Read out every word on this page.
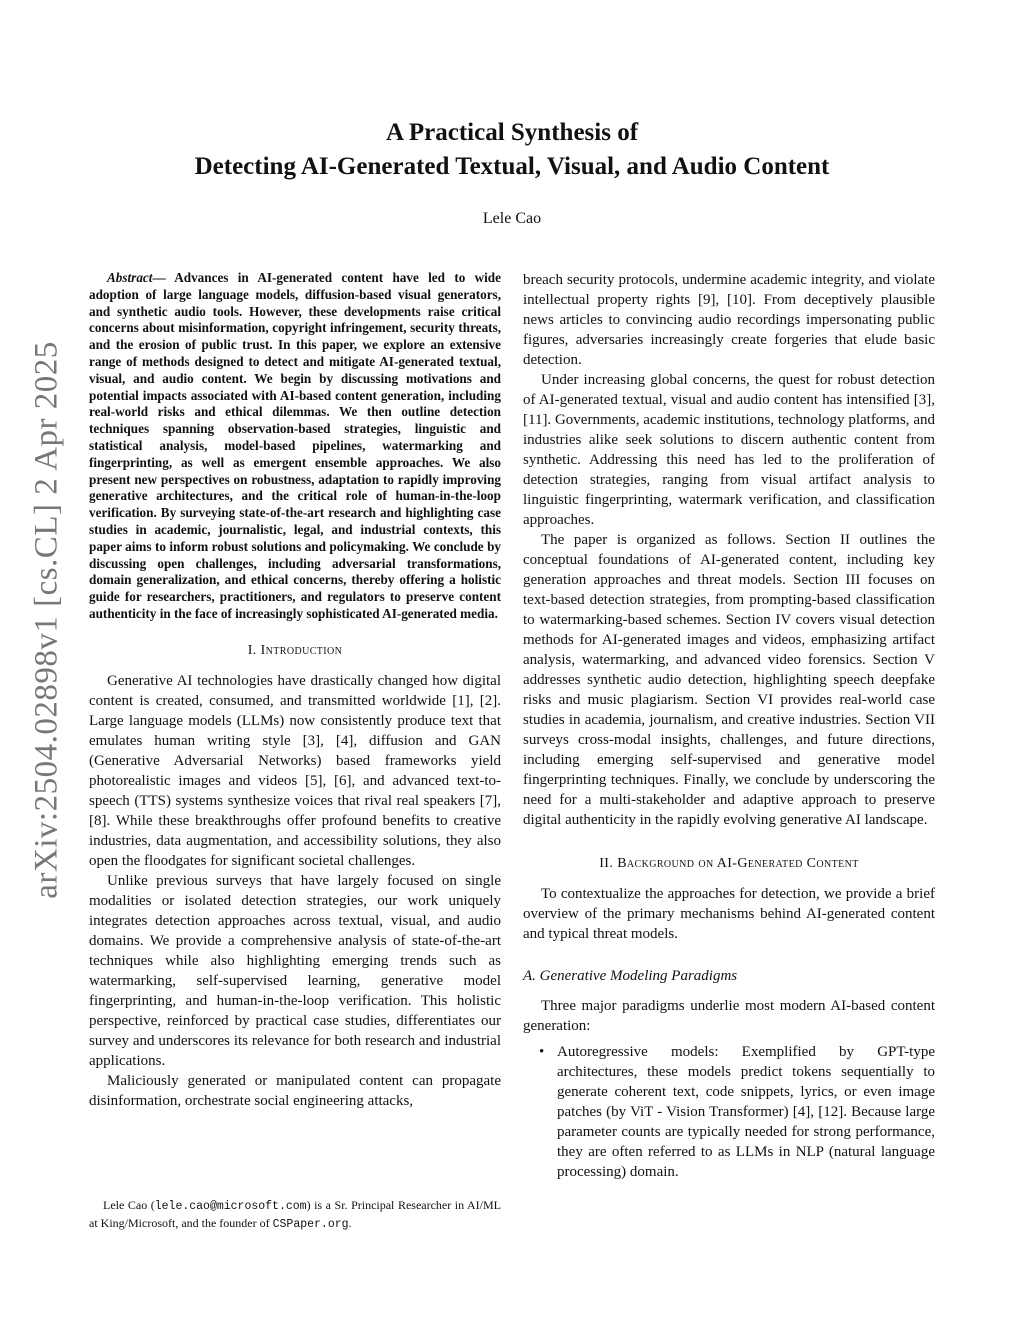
arXiv:2504.02898v1 [cs.CL] 2 Apr 2025
A Practical Synthesis of
Detecting AI-Generated Textual, Visual, and Audio Content
Lele Cao

Abstract— Advances in AI-generated content have led to wide adoption of large language models, diffusion-based visual generators, and synthetic audio tools. However, these developments raise critical concerns about misinformation, copyright infringement, security threats, and the erosion of public trust. In this paper, we explore an extensive range of methods designed to detect and mitigate AI-generated textual, visual, and audio content. We begin by discussing motivations and potential impacts associated with AI-based content generation, including real-world risks and ethical dilemmas. We then outline detection techniques spanning observation-based strategies, linguistic and statistical analysis, model-based pipelines, watermarking and fingerprinting, as well as emergent ensemble approaches. We also present new perspectives on robustness, adaptation to rapidly improving generative architectures, and the critical role of human-in-the-loop verification. By surveying state-of-the-art research and highlighting case studies in academic, journalistic, legal, and industrial contexts, this paper aims to inform robust solutions and policymaking. We conclude by discussing open challenges, including adversarial transformations, domain generalization, and ethical concerns, thereby offering a holistic guide for researchers, practitioners, and regulators to preserve content authenticity in the face of increasingly sophisticated AI-generated media.

I. Introduction

Generative AI technologies have drastically changed how digital content is created, consumed, and transmitted worldwide [1], [2]. Large language models (LLMs) now consistently produce text that emulates human writing style [3], [4], diffusion and GAN (Generative Adversarial Networks) based frameworks yield photorealistic images and videos [5], [6], and advanced text-to-speech (TTS) systems synthesize voices that rival real speakers [7], [8]. While these breakthroughs offer profound benefits to creative industries, data augmentation, and accessibility solutions, they also open the floodgates for significant societal challenges.

Unlike previous surveys that have largely focused on single modalities or isolated detection strategies, our work uniquely integrates detection approaches across textual, visual, and audio domains. We provide a comprehensive analysis of state-of-the-art techniques while also highlighting emerging trends such as watermarking, self-supervised learning, generative model fingerprinting, and human-in-the-loop verification. This holistic perspective, reinforced by practical case studies, differentiates our survey and underscores its relevance for both research and industrial applications.

Maliciously generated or manipulated content can propagate disinformation, orchestrate social engineering attacks,

breach security protocols, undermine academic integrity, and violate intellectual property rights [9], [10]. From deceptively plausible news articles to convincing audio recordings impersonating public figures, adversaries increasingly create forgeries that elude basic detection.

Under increasing global concerns, the quest for robust detection of AI-generated textual, visual and audio content has intensified [3], [11]. Governments, academic institutions, technology platforms, and industries alike seek solutions to discern authentic content from synthetic. Addressing this need has led to the proliferation of detection strategies, ranging from visual artifact analysis to linguistic fingerprinting, watermark verification, and classification approaches.

The paper is organized as follows. Section II outlines the conceptual foundations of AI-generated content, including key generation approaches and threat models. Section III focuses on text-based detection strategies, from prompting-based classification to watermarking-based schemes. Section IV covers visual detection methods for AI-generated images and videos, emphasizing artifact analysis, watermarking, and advanced video forensics. Section V addresses synthetic audio detection, highlighting speech deepfake risks and music plagiarism. Section VI provides real-world case studies in academia, journalism, and creative industries. Section VII surveys cross-modal insights, challenges, and future directions, including emerging self-supervised and generative model fingerprinting techniques. Finally, we conclude by underscoring the need for a multi-stakeholder and adaptive approach to preserve digital authenticity in the rapidly evolving generative AI landscape.

II. Background on AI-Generated Content

To contextualize the approaches for detection, we provide a brief overview of the primary mechanisms behind AI-generated content and typical threat models.

A. Generative Modeling Paradigms

Three major paradigms underlie most modern AI-based content generation:

• Autoregressive models: Exemplified by GPT-type architectures, these models predict tokens sequentially to generate coherent text, code snippets, lyrics, or even image patches (by ViT - Vision Transformer) [4], [12]. Because large parameter counts are typically needed for strong performance, they are often referred to as LLMs in NLP (natural language processing) domain.

Lele Cao (lele.cao@microsoft.com) is a Sr. Principal Researcher in AI/ML at King/Microsoft, and the founder of CSPaper.org.
